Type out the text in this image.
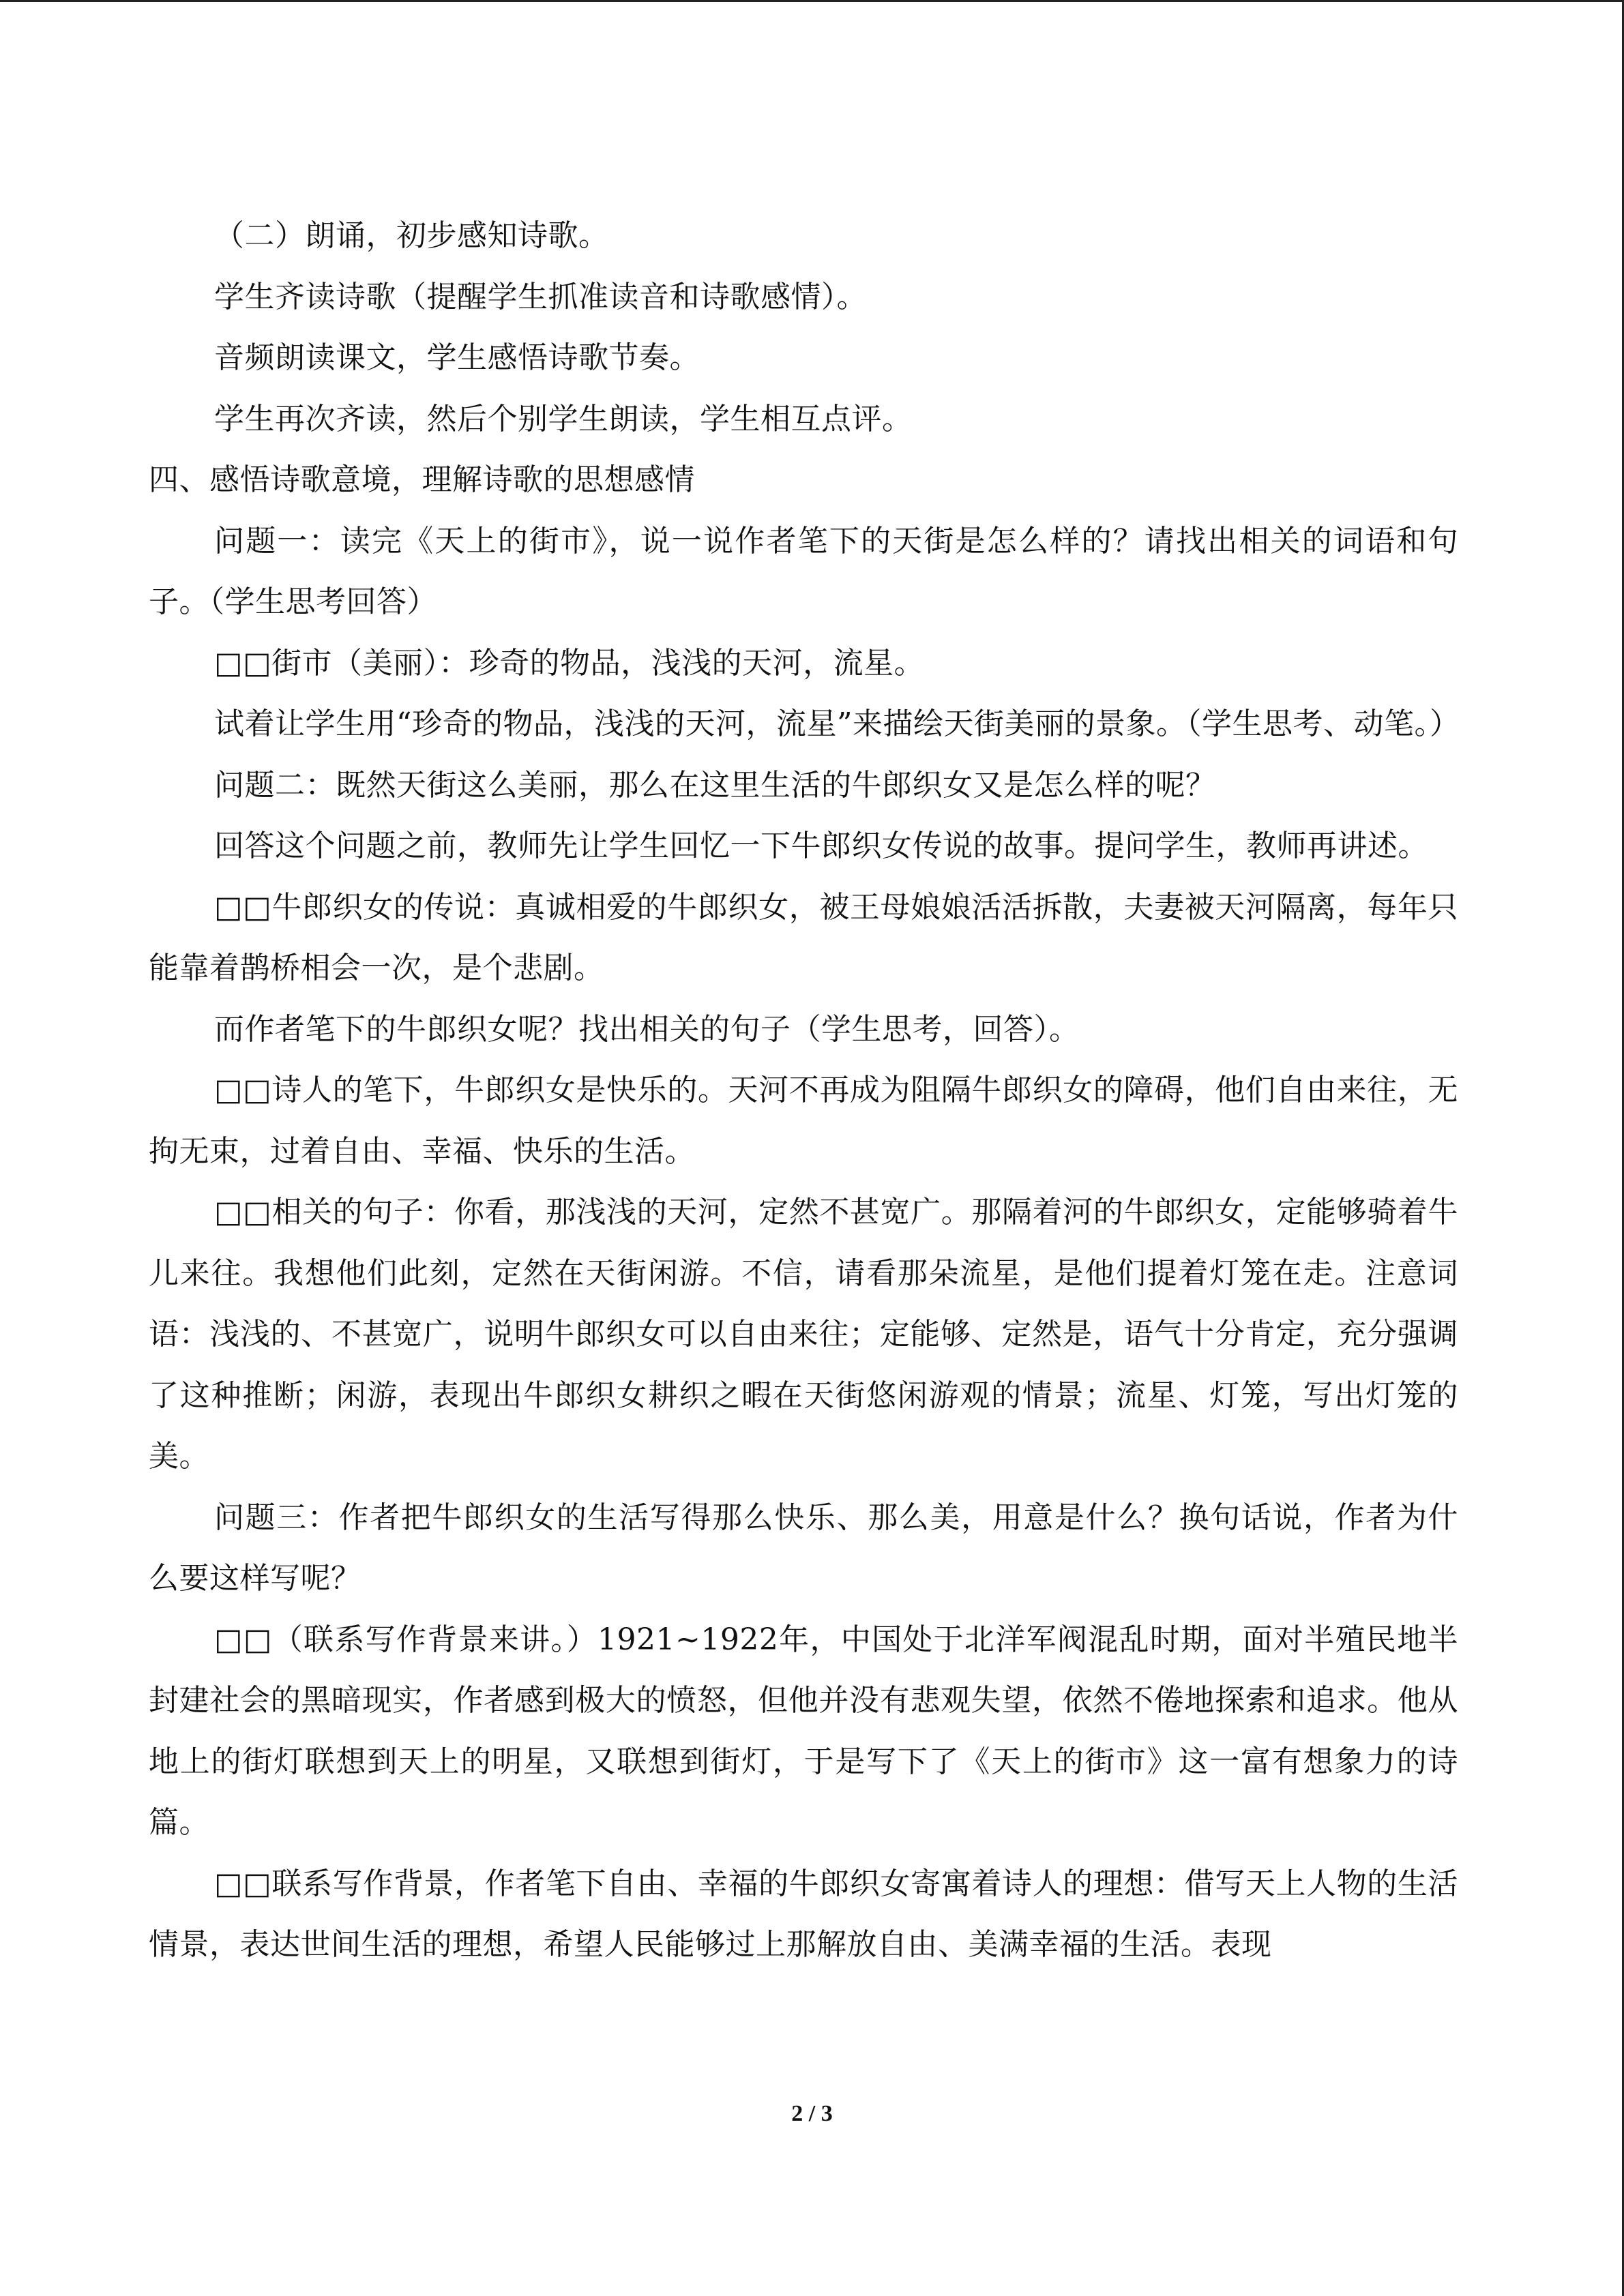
（二）朗诵，初步感知诗歌。

学生齐读诗歌（提醒学生抓准读音和诗歌感情）。

音频朗读课文，学生感悟诗歌节奏。

学生再次齐读，然后个别学生朗读，学生相互点评。

四、感悟诗歌意境，理解诗歌的思想感情

问题一：读完《天上的街市》，说一说作者笔下的天街是怎么样的？请找出相关的词语和句子。（学生思考回答）

□□街市（美丽）：珍奇的物品，浅浅的天河，流星。

试着让学生用“珍奇的物品，浅浅的天河，流星”来描绘天街美丽的景象。（学生思考、动笔。）

问题二：既然天街这么美丽，那么在这里生活的牛郎织女又是怎么样的呢？

回答这个问题之前，教师先让学生回忆一下牛郎织女传说的故事。提问学生，教师再讲述。

□□牛郎织女的传说：真诚相爱的牛郎织女，被王母娘娘活活拆散，夫妻被天河隔离，每年只能靠着鹊桥相会一次，是个悲剧。

而作者笔下的牛郎织女呢？找出相关的句子（学生思考，回答）。

□□诗人的笔下，牛郎织女是快乐的。天河不再成为阻隔牛郎织女的障碍，他们自由来往，无拘无束，过着自由、幸福、快乐的生活。

□□相关的句子：你看，那浅浅的天河，定然不甚宽广。那隔着河的牛郎织女，定能够骑着牛儿来往。我想他们此刻，定然在天街闲游。不信，请看那朵流星，是他们提着灯笼在走。注意词语：浅浅的、不甚宽广，说明牛郎织女可以自由来往；定能够、定然是，语气十分肯定，充分强调了这种推断；闲游，表现出牛郎织女耕织之暇在天街悠闲游观的情景；流星、灯笼，写出灯笼的美。

问题三：作者把牛郎织女的生活写得那么快乐、那么美，用意是什么？换句话说，作者为什么要这样写呢？

□□（联系写作背景来讲。）1921~1922年，中国处于北洋军阀混乱时期，面对半殖民地半封建社会的黑暗现实，作者感到极大的愤怒，但他并没有悲观失望，依然不倦地探索和追求。他从地上的街灯联想到天上的明星，又联想到街灯，于是写下了《天上的街市》这一富有想象力的诗篇。

□□联系写作背景，作者笔下自由、幸福的牛郎织女寄寓着诗人的理想：借写天上人物的生活情景，表达世间生活的理想，希望人民能够过上那解放自由、美满幸福的生活。表现

2 / 3
